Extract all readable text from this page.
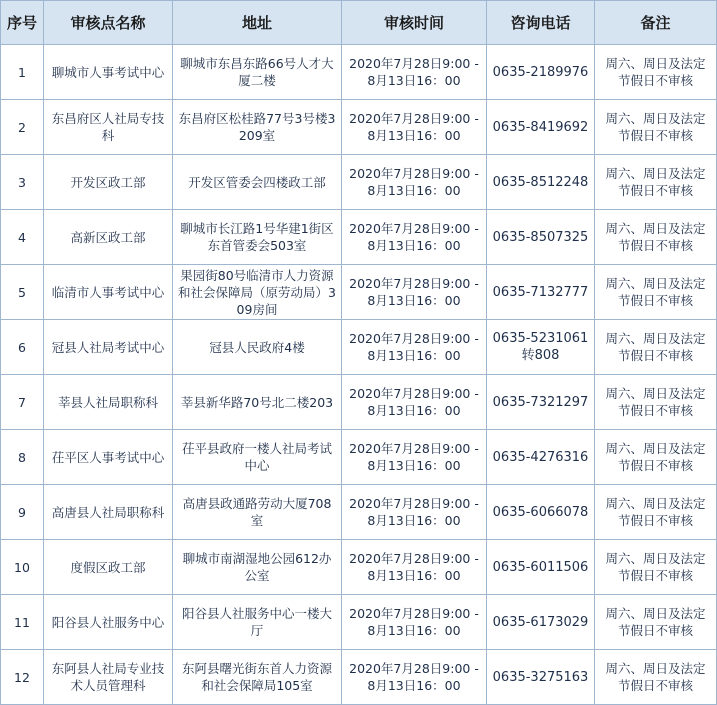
序号	审核点名称	地址	审核时间	咨询电话	备注
1	聊城市人事考试中心	聊城市东昌东路66号人才大厦二楼	2020年7月28日9:00 - 8月13日16：00	0635-2189976	周六、周日及法定节假日不审核
2	东昌府区人社局专技科	东昌府区松桂路77号3号楼3209室	2020年7月28日9:00 - 8月13日16：00	0635-8419692	周六、周日及法定节假日不审核
3	开发区政工部	开发区管委会四楼政工部	2020年7月28日9:00 - 8月13日16：00	0635-8512248	周六、周日及法定节假日不审核
4	高新区政工部	聊城市长江路1号华建1街区东首管委会503室	2020年7月28日9:00 - 8月13日16：00	0635-8507325	周六、周日及法定节假日不审核
5	临清市人事考试中心	果园街80号临清市人力资源和社会保障局（原劳动局）309房间	2020年7月28日9:00 - 8月13日16：00	0635-7132777	周六、周日及法定节假日不审核
6	冠县人社局考试中心	冠县人民政府4楼	2020年7月28日9:00 - 8月13日16：00	0635-5231061转808	周六、周日及法定节假日不审核
7	莘县人社局职称科	莘县新华路70号北二楼203	2020年7月28日9:00 - 8月13日16：00	0635-7321297	周六、周日及法定节假日不审核
8	茌平区人事考试中心	茌平县政府一楼人社局考试中心	2020年7月28日9:00 - 8月13日16：00	0635-4276316	周六、周日及法定节假日不审核
9	高唐县人社局职称科	高唐县政通路劳动大厦708室	2020年7月28日9:00 - 8月13日16：00	0635-6066078	周六、周日及法定节假日不审核
10	度假区政工部	聊城市南湖湿地公园612办公室	2020年7月28日9:00 - 8月13日16：00	0635-6011506	周六、周日及法定节假日不审核
11	阳谷县人社服务中心	阳谷县人社服务中心一楼大厅	2020年7月28日9:00 - 8月13日16：00	0635-6173029	周六、周日及法定节假日不审核
12	东阿县人社局专业技术人员管理科	东阿县曙光街东首人力资源和社会保障局105室	2020年7月28日9:00 - 8月13日16：00	0635-3275163	周六、周日及法定节假日不审核
